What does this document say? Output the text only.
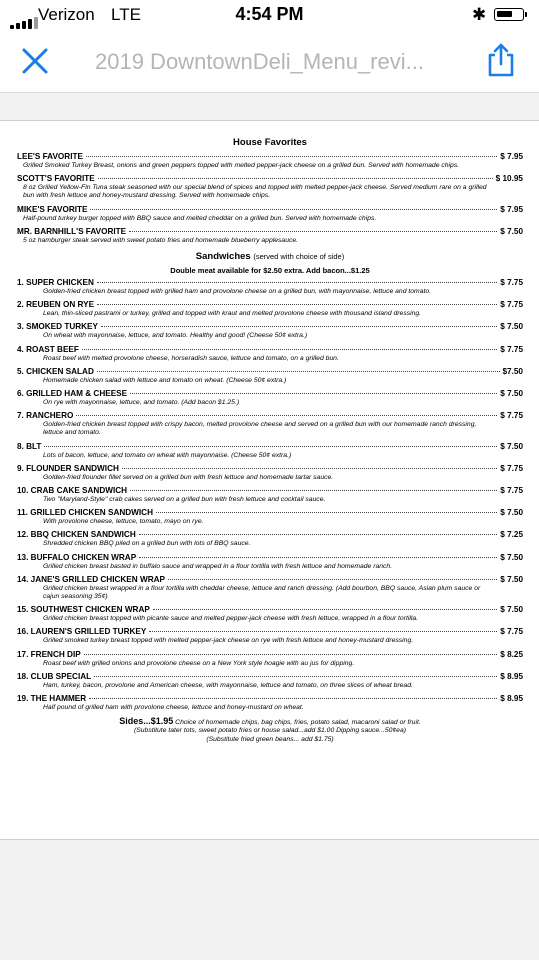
Verizon LTE	4:54 PM	✱
2019 DowntownDeli_Menu_revi...
House Favorites
LEE'S FAVORITE	$ 7.95
Grilled Smoked Turkey Breast, onions and green peppers topped with melted pepper-jack cheese on a grilled bun. Served with homemade chips.
SCOTT'S FAVORITE	$ 10.95
8 oz Grilled Yellow-Fin Tuna steak seasoned with our special blend of spices and topped with melted pepper-jack cheese. Served medium rare on a grilled bun with fresh lettuce and honey-mustard dressing. Served with homemade chips.
MIKE'S FAVORITE	$ 7.95
Half-pound turkey burger topped with BBQ sauce and melted cheddar on a grilled bun. Served with homemade chips.
MR. BARNHILL'S FAVORITE	$ 7.50
5 oz hamburger steak served with sweet potato fries and homemade blueberry applesauce.
Sandwiches (served with choice of side)
Double meat available for $2.50 extra. Add bacon...$1.25
1. SUPER CHICKEN	$ 7.75
Golden-fried chicken breast topped with grilled ham and provolone cheese on a grilled bun, with mayonnaise, lettuce and tomato.
2. REUBEN ON RYE	$ 7.75
Lean, thin-sliced pastrami or turkey, grilled and topped with kraut and melted provolone cheese with thousand island dressing.
3. SMOKED TURKEY	$ 7.50
On wheat with mayonnaise, lettuce, and tomato. Healthy and good! (Cheese 50¢ extra.)
4. ROAST BEEF	$ 7.75
Roast beef with melted provolone cheese, horseradish sauce, lettuce and tomato, on a grilled bun.
5. CHICKEN SALAD	$7.50
Homemade chicken salad with lettuce and tomato on wheat. (Cheese 50¢ extra.)
6. GRILLED HAM & CHEESE	$ 7.50
On rye with mayonnaise, lettuce, and tomato. (Add bacon $1.25.)
7. RANCHERO	$ 7.75
Golden-fried chicken breast topped with crispy bacon, melted provolone cheese and served on a grilled bun with our homemade ranch dressing, lettuce and tomato.
8. BLT	$ 7.50
Lots of bacon, lettuce, and tomato on wheat with mayonnaise. (Cheese 50¢ extra.)
9. FLOUNDER SANDWICH	$ 7.75
Golden-fried flounder fillet served on a grilled bun with fresh lettuce and homemade tartar sauce.
10. CRAB CAKE SANDWICH	$ 7.75
Two "Maryland-Style" crab cakes served on a grilled bun with fresh lettuce and cocktail sauce.
11. GRILLED CHICKEN SANDWICH	$ 7.50
With provolone cheese, lettuce, tomato, mayo on rye.
12. BBQ CHICKEN SANDWICH	$ 7.25
Shredded chicken BBQ piled on a grilled bun with lots of BBQ sauce.
13. BUFFALO CHICKEN WRAP	$ 7.50
Grilled chicken breast basted in buffalo sauce and wrapped in a flour tortilla with fresh lettuce and homemade ranch.
14. JANE'S GRILLED CHICKEN WRAP	$ 7.50
Grilled chicken breast wrapped in a flour tortilla with cheddar cheese, lettuce and ranch dressing. (Add bourbon, BBQ sauce, Asian plum sauce or cajun seasoning 35¢)
15. SOUTHWEST CHICKEN WRAP	$ 7.50
Grilled chicken breast topped with picante sauce and melted pepper-jack cheese with fresh lettuce, wrapped in a flour tortilla.
16. LAUREN'S GRILLED TURKEY	$ 7.75
Grilled smoked turkey breast topped with melted pepper-jack cheese on rye with fresh lettuce and honey-mustard dressing.
17. FRENCH DIP	$ 8.25
Roast beef with grilled onions and provolone cheese on a New York style hoagie with au jus for dipping.
18. CLUB SPECIAL	$ 8.95
Ham, turkey, bacon, provolone and American cheese, with mayonnaise, lettuce and tomato, on three slices of wheat bread.
19. THE HAMMER	$ 8.95
Half pound of grilled ham with provolone cheese, lettuce and honey-mustard on wheat.
Sides...$1.95 Choice of homemade chips, bag chips, fries, potato salad, macaroni salad or fruit.
(Substitute tater tots, sweet potato fries or house salad...add $1.00 Dipping sauce...50¢ea)
(Substitute fried green beans... add $1.75)
